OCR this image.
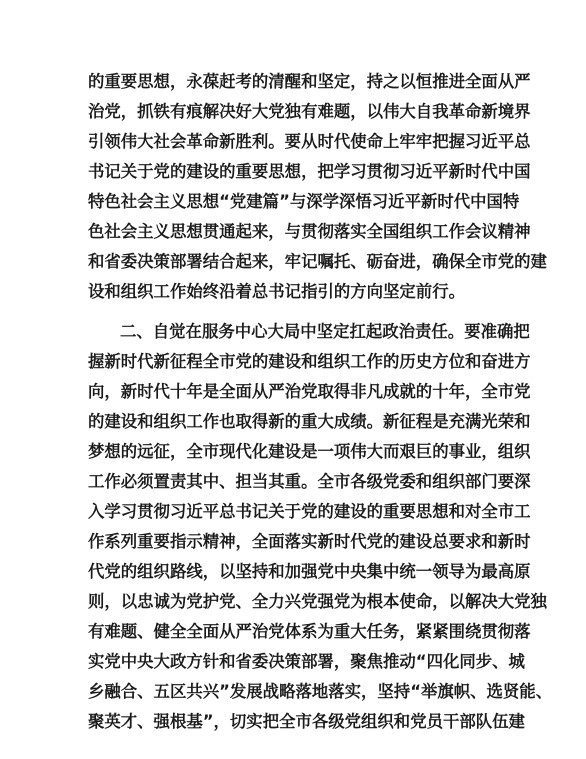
的重要思想，永葆赶考的清醒和坚定，持之以恒推进全面从严
治党，抓铁有痕解决好大党独有难题，以伟大自我革命新境界
引领伟大社会革命新胜利。要从时代使命上牢牢把握习近平总
书记关于党的建设的重要思想，把学习贯彻习近平新时代中国
特色社会主义思想“党建篇”与深学深悟习近平新时代中国特
色社会主义思想贯通起来，与贯彻落实全国组织工作会议精神
和省委决策部署结合起来，牢记嘱托、砺奋进，确保全市党的建
设和组织工作始终沿着总书记指引的方向坚定前行。
二、自觉在服务中心大局中坚定扛起政治责任。要准确把
握新时代新征程全市党的建设和组织工作的历史方位和奋进方
向，新时代十年是全面从严治党取得非凡成就的十年，全市党
的建设和组织工作也取得新的重大成绩。新征程是充满光荣和
梦想的远征，全市现代化建设是一项伟大而艰巨的事业，组织
工作必须置责其中、担当其重。全市各级党委和组织部门要深
入学习贯彻习近平总书记关于党的建设的重要思想和对全市工
作系列重要指示精神，全面落实新时代党的建设总要求和新时
代党的组织路线，以坚持和加强党中央集中统一领导为最高原
则，以忠诚为党护党、全力兴党强党为根本使命，以解决大党独
有难题、健全全面从严治党体系为重大任务，紧紧围绕贯彻落
实党中央大政方针和省委决策部署，聚焦推动“四化同步、城
乡融合、五区共兴”发展战略落地落实，坚持“举旗帜、选贤能、
聚英才、强根基”，切实把全市各级党组织和党员干部队伍建
